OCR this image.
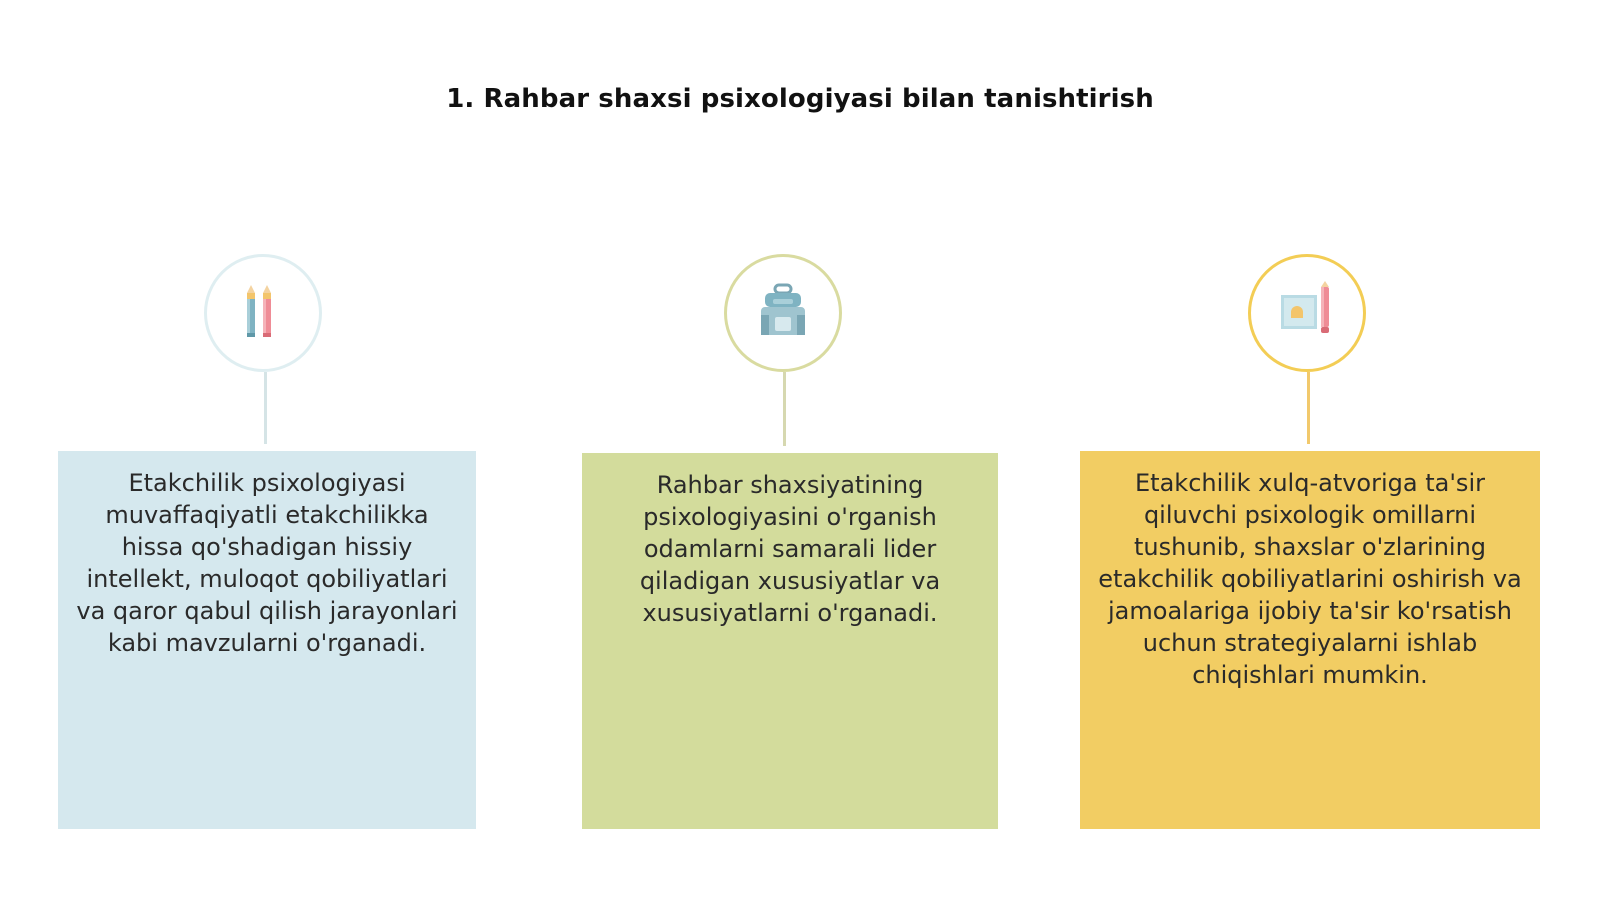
1. Rahbar shaxsi psixologiyasi bilan tanishtirish

Etakchilik psixologiyasi muvaffaqiyatli etakchilikka hissa qo'shadigan hissiy intellekt, muloqot qobiliyatlari va qaror qabul qilish jarayonlari kabi mavzularni o'rganadi.

Rahbar shaxsiyatining psixologiyasini o'rganish odamlarni samarali lider qiladigan xususiyatlar va xususiyatlarni o'rganadi.

Etakchilik xulq-atvoriga ta'sir qiluvchi psixologik omillarni tushunib, shaxslar o'zlarining etakchilik qobiliyatlarini oshirish va jamoalariga ijobiy ta'sir ko'rsatish uchun strategiyalarni ishlab chiqishlari mumkin.
